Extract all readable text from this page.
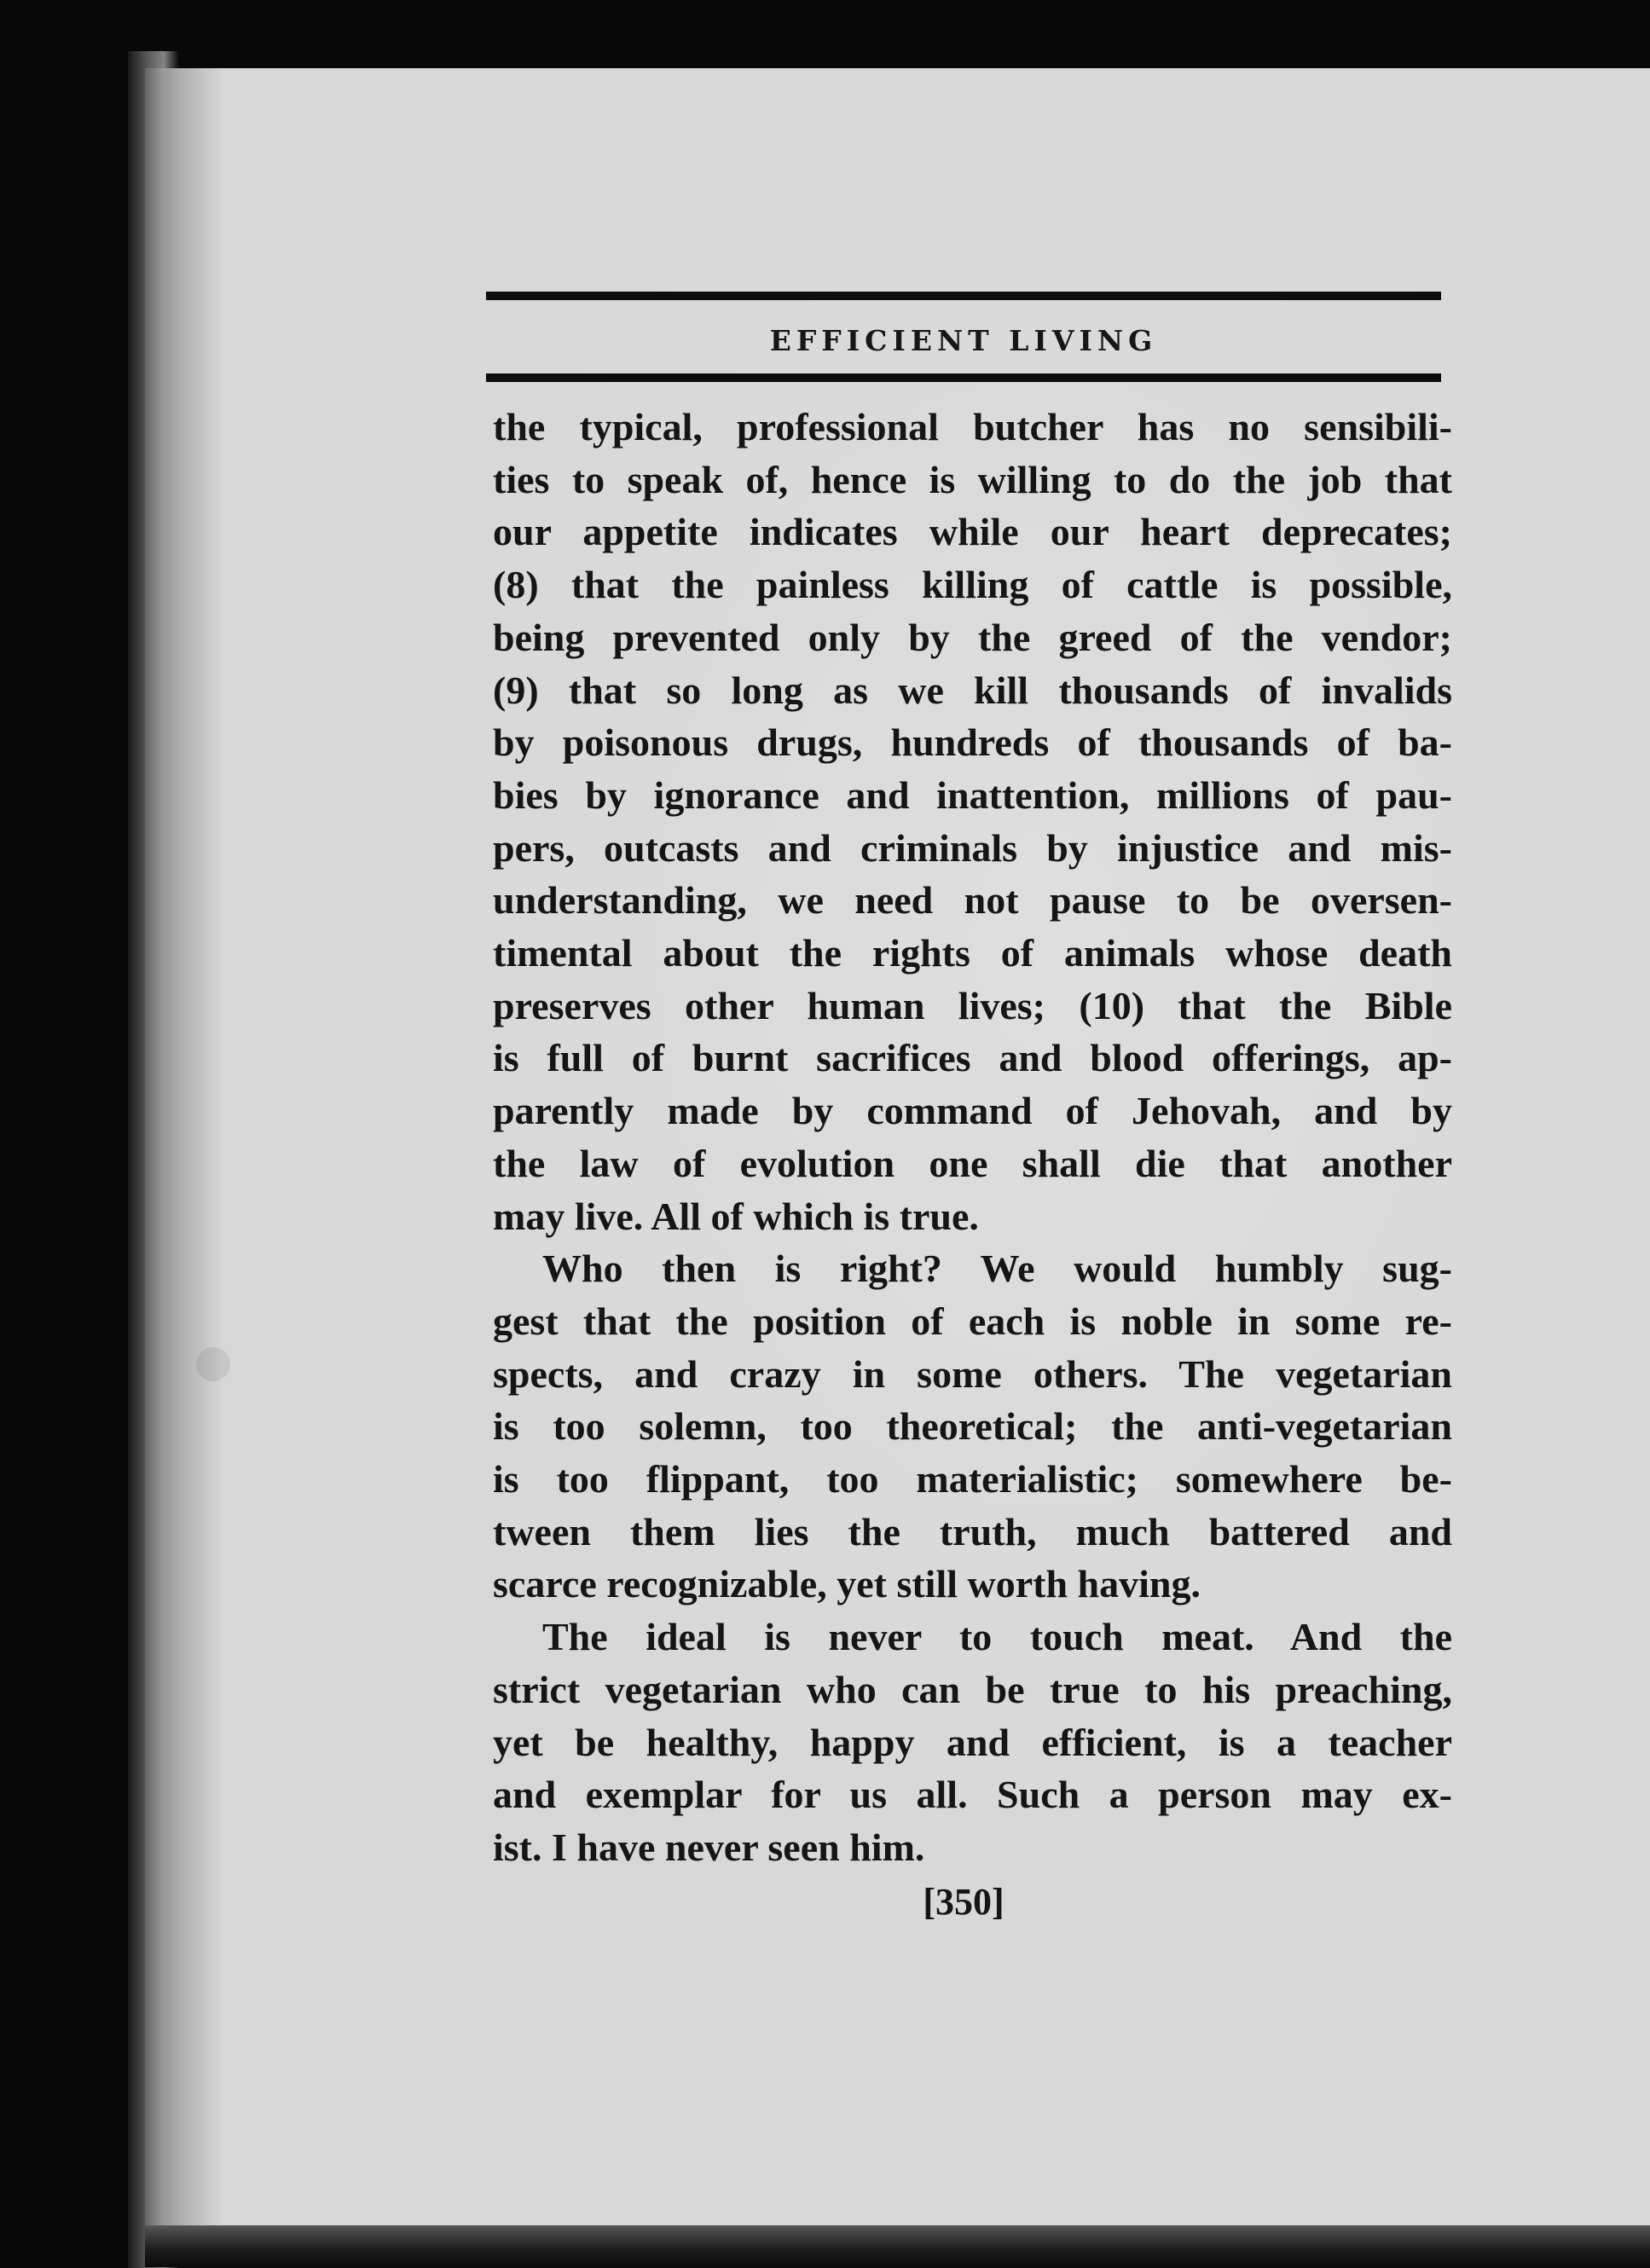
EFFICIENT LIVING
the typical, professional butcher has no sensibili-
ties to speak of, hence is willing to do the job that
our appetite indicates while our heart deprecates;
(8) that the painless killing of cattle is possible,
being prevented only by the greed of the vendor;
(9) that so long as we kill thousands of invalids
by poisonous drugs, hundreds of thousands of ba-
bies by ignorance and inattention, millions of pau-
pers, outcasts and criminals by injustice and mis-
understanding, we need not pause to be oversen-
timental about the rights of animals whose death
preserves other human lives; (10) that the Bible
is full of burnt sacrifices and blood offerings, ap-
parently made by command of Jehovah, and by
the law of evolution one shall die that another
may live. All of which is true.
Who then is right? We would humbly sug-
gest that the position of each is noble in some re-
spects, and crazy in some others. The vegetarian
is too solemn, too theoretical; the anti-vegetarian
is too flippant, too materialistic; somewhere be-
tween them lies the truth, much battered and
scarce recognizable, yet still worth having.
The ideal is never to touch meat. And the
strict vegetarian who can be true to his preaching,
yet be healthy, happy and efficient, is a teacher
and exemplar for us all. Such a person may ex-
ist. I have never seen him.
[350]
